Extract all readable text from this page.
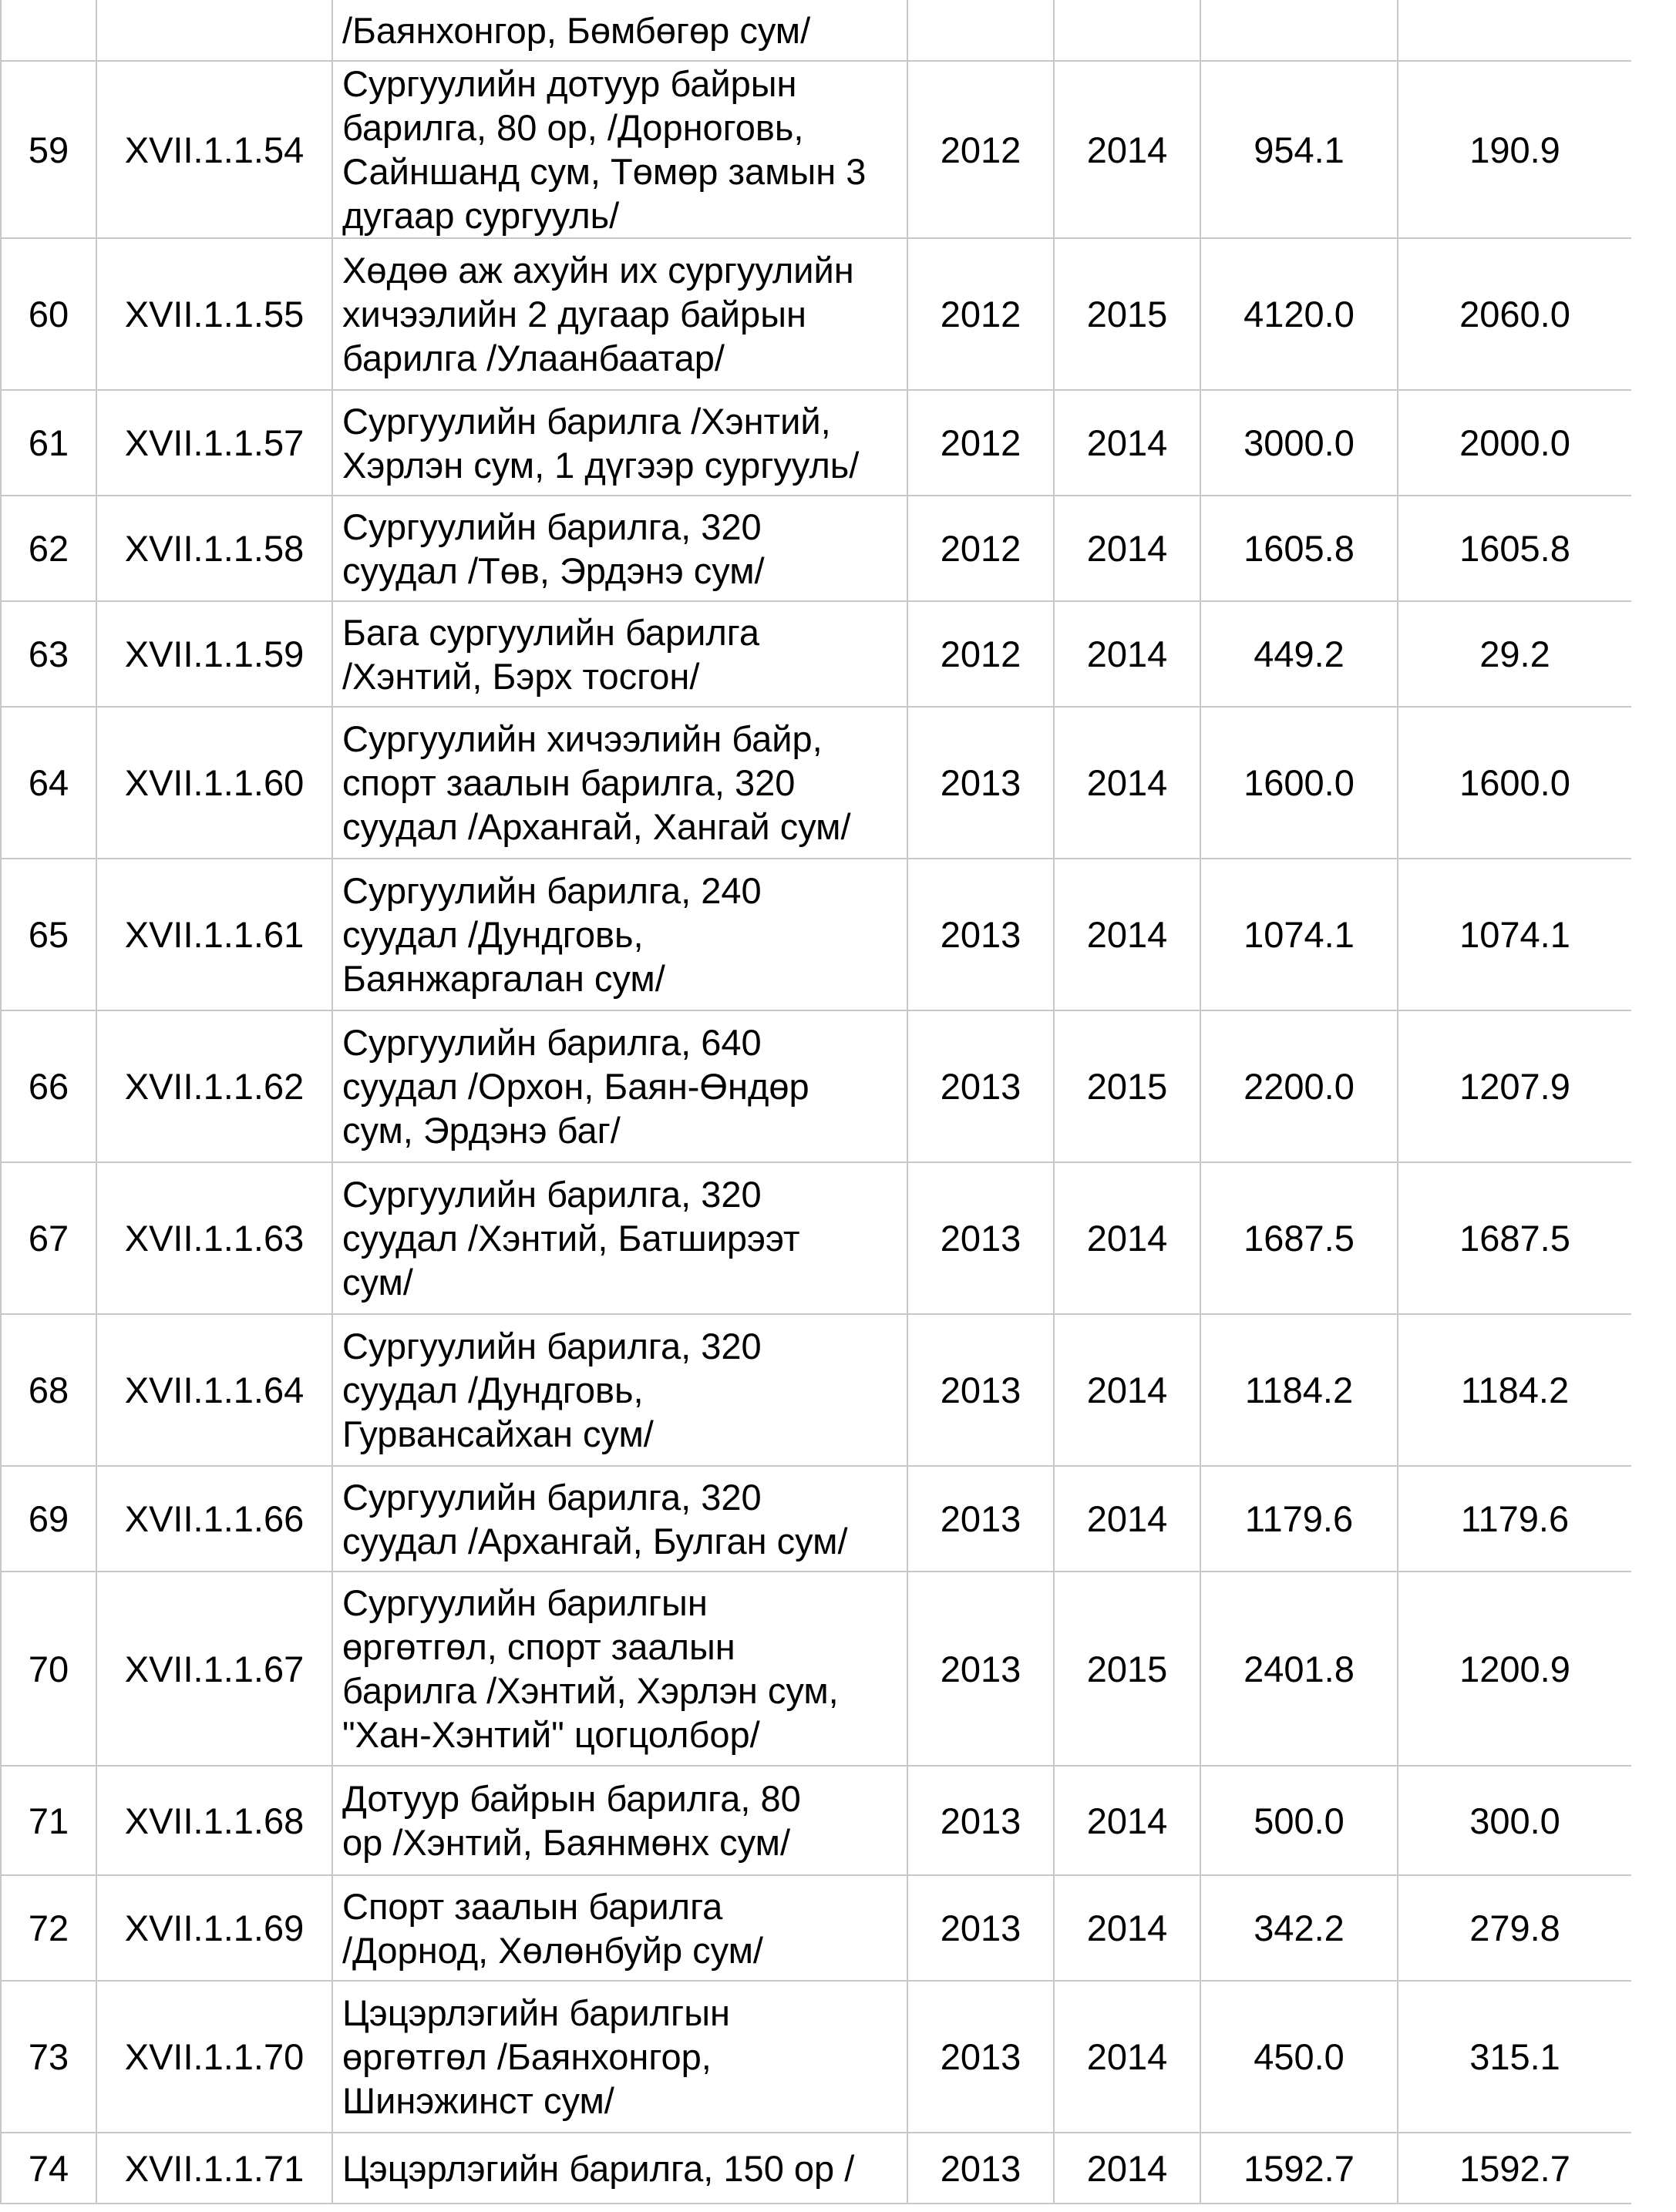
		/Баянхонгор, Бөмбөгөр сум/				
59	XVII.1.1.54	Сургуулийн дотуур байрын
барилга, 80 ор, /Дорноговь,
Сайншанд сум, Төмөр замын 3
дугаар сургууль/	2012	2014	954.1	190.9
60	XVII.1.1.55	Хөдөө аж ахуйн их сургуулийн
хичээлийн 2 дугаар байрын
барилга /Улаанбаатар/	2012	2015	4120.0	2060.0
61	XVII.1.1.57	Сургуулийн барилга /Хэнтий,
Хэрлэн сум, 1 дүгээр сургууль/	2012	2014	3000.0	2000.0
62	XVII.1.1.58	Сургуулийн барилга, 320
суудал /Төв, Эрдэнэ сум/	2012	2014	1605.8	1605.8
63	XVII.1.1.59	Бага сургуулийн барилга
/Хэнтий, Бэрх тосгон/	2012	2014	449.2	29.2
64	XVII.1.1.60	Сургуулийн хичээлийн байр,
спорт заалын барилга, 320
суудал /Архангай, Хангай сум/	2013	2014	1600.0	1600.0
65	XVII.1.1.61	Сургуулийн барилга, 240
суудал /Дундговь,
Баянжаргалан сум/	2013	2014	1074.1	1074.1
66	XVII.1.1.62	Сургуулийн барилга, 640
суудал /Орхон, Баян-Өндөр
сум, Эрдэнэ баг/	2013	2015	2200.0	1207.9
67	XVII.1.1.63	Сургуулийн барилга, 320
суудал /Хэнтий, Батширээт
сум/	2013	2014	1687.5	1687.5
68	XVII.1.1.64	Сургуулийн барилга, 320
суудал /Дундговь,
Гурвансайхан сум/	2013	2014	1184.2	1184.2
69	XVII.1.1.66	Сургуулийн барилга, 320
суудал /Архангай, Булган сум/	2013	2014	1179.6	1179.6
70	XVII.1.1.67	Сургуулийн барилгын
өргөтгөл, спорт заалын
барилга /Хэнтий, Хэрлэн сум,
"Хан-Хэнтий" цогцолбор/	2013	2015	2401.8	1200.9
71	XVII.1.1.68	Дотуур байрын барилга, 80
ор /Хэнтий, Баянмөнх сум/	2013	2014	500.0	300.0
72	XVII.1.1.69	Спорт заалын барилга
/Дорнод, Хөлөнбуйр сум/	2013	2014	342.2	279.8
73	XVII.1.1.70	Цэцэрлэгийн барилгын
өргөтгөл /Баянхонгор,
Шинэжинст сум/	2013	2014	450.0	315.1
74	XVII.1.1.71	Цэцэрлэгийн барилга, 150 ор /	2013	2014	1592.7	1592.7
